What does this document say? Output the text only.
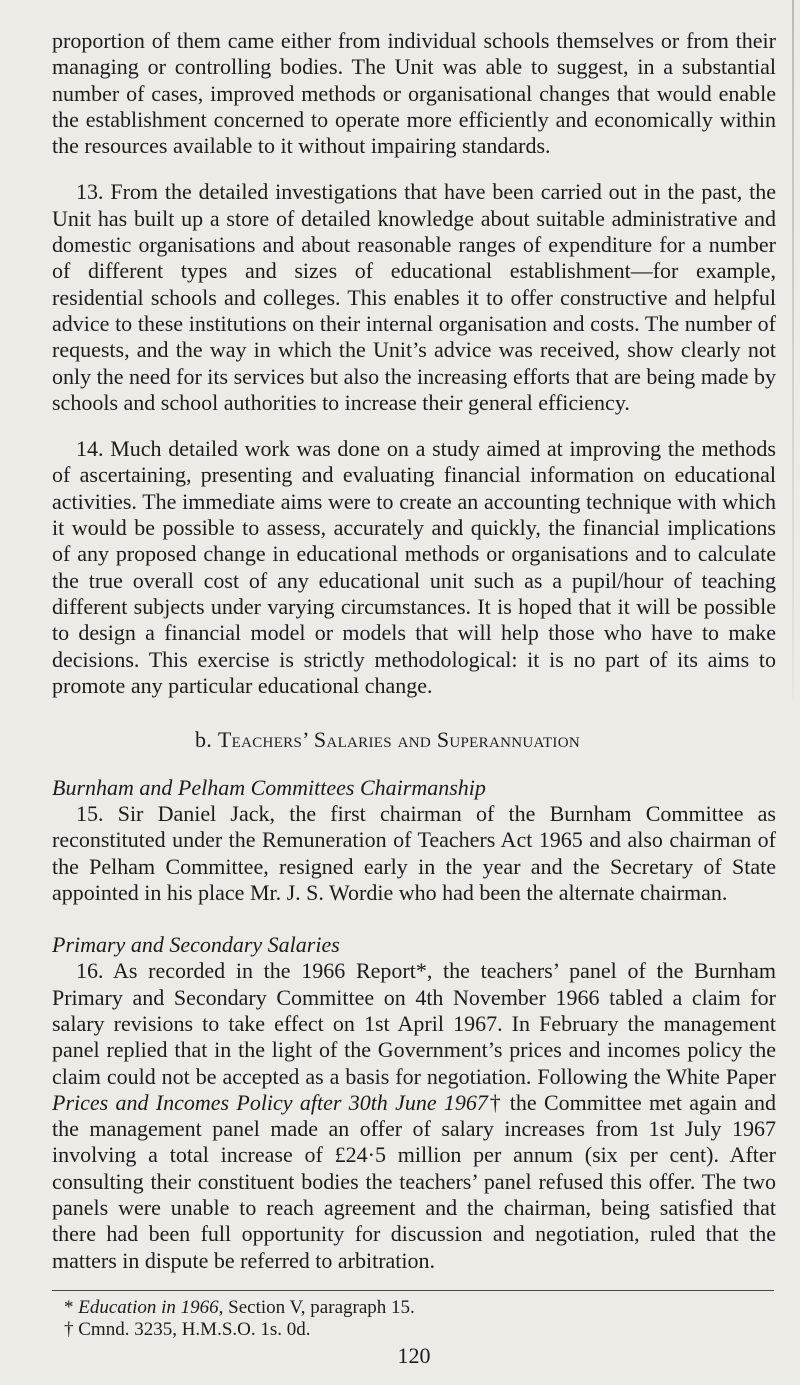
proportion of them came either from individual schools themselves or from their managing or controlling bodies. The Unit was able to suggest, in a substantial number of cases, improved methods or organisational changes that would enable the establishment concerned to operate more efficiently and economically within the resources available to it without impairing standards.

13. From the detailed investigations that have been carried out in the past, the Unit has built up a store of detailed knowledge about suitable administrative and domestic organisations and about reasonable ranges of expenditure for a number of different types and sizes of educational establishment—for example, residential schools and colleges. This enables it to offer constructive and helpful advice to these institutions on their internal organisation and costs. The number of requests, and the way in which the Unit’s advice was received, show clearly not only the need for its services but also the increasing efforts that are being made by schools and school authorities to increase their general efficiency.

14. Much detailed work was done on a study aimed at improving the methods of ascertaining, presenting and evaluating financial information on educational activities. The immediate aims were to create an accounting technique with which it would be possible to assess, accurately and quickly, the financial implications of any proposed change in educational methods or organisations and to calculate the true overall cost of any educational unit such as a pupil/hour of teaching different subjects under varying circumstances. It is hoped that it will be possible to design a financial model or models that will help those who have to make decisions. This exercise is strictly methodological: it is no part of its aims to promote any particular educational change.

b. Teachers’ Salaries and Superannuation

Burnham and Pelham Committees Chairmanship

15. Sir Daniel Jack, the first chairman of the Burnham Committee as reconstituted under the Remuneration of Teachers Act 1965 and also chairman of the Pelham Committee, resigned early in the year and the Secretary of State appointed in his place Mr. J. S. Wordie who had been the alternate chairman.

Primary and Secondary Salaries

16. As recorded in the 1966 Report*, the teachers’ panel of the Burnham Primary and Secondary Committee on 4th November 1966 tabled a claim for salary revisions to take effect on 1st April 1967. In February the management panel replied that in the light of the Government’s prices and incomes policy the claim could not be accepted as a basis for negotiation. Following the White Paper Prices and Incomes Policy after 30th June 1967† the Committee met again and the management panel made an offer of salary increases from 1st July 1967 involving a total increase of £24·5 million per annum (six per cent). After consulting their constituent bodies the teachers’ panel refused this offer. The two panels were unable to reach agreement and the chairman, being satisfied that there had been full opportunity for discussion and negotiation, ruled that the matters in dispute be referred to arbitration.

* Education in 1966, Section V, paragraph 15.

† Cmnd. 3235, H.M.S.O. 1s. 0d.

120
